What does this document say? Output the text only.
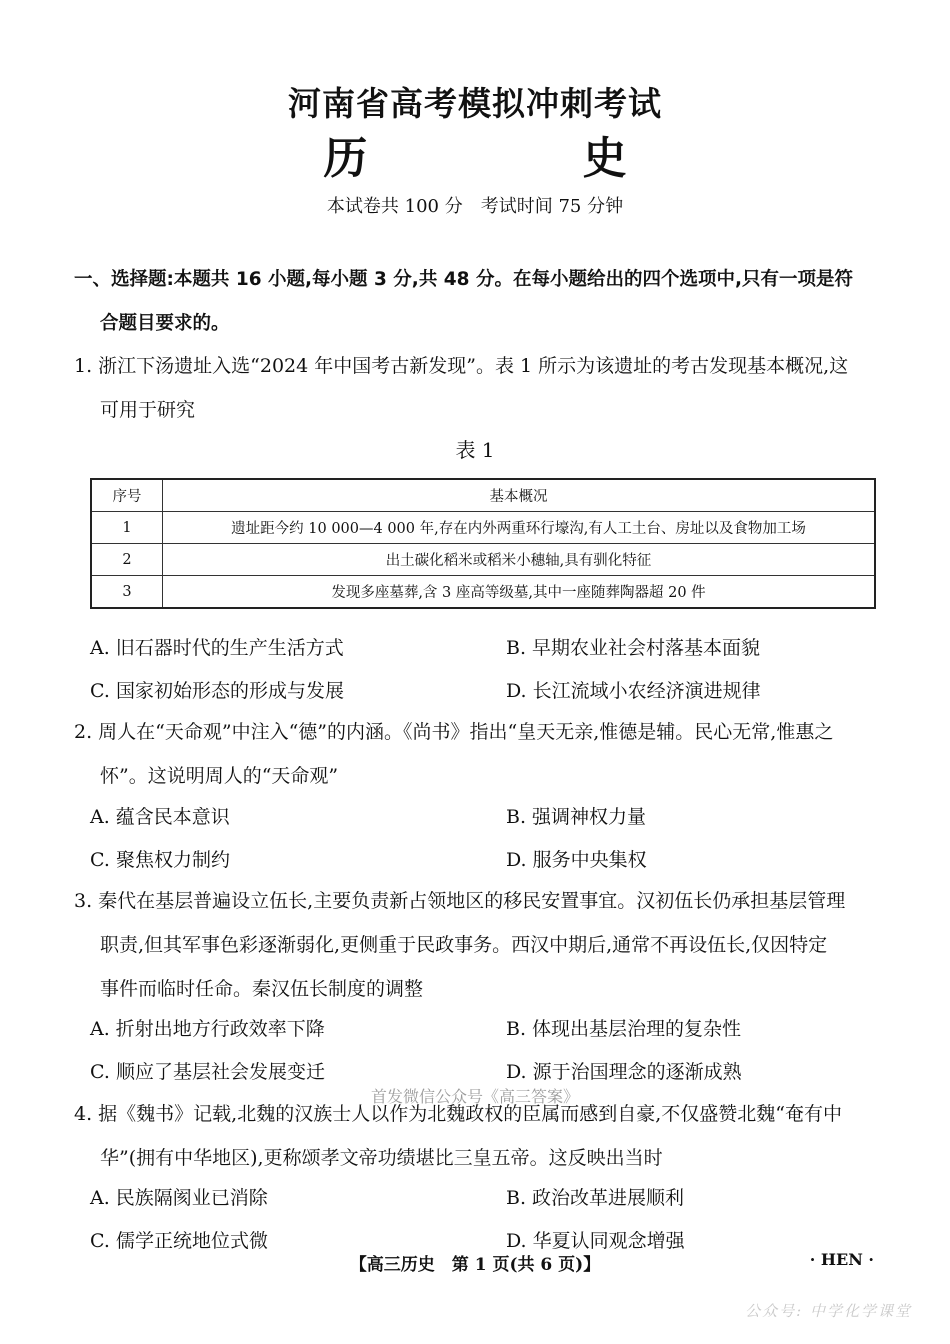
河南省高考模拟冲刺考试
历 史
本试卷共 100 分　考试时间 75 分钟
一、选择题:本题共 16 小题,每小题 3 分,共 48 分。在每小题给出的四个选项中,只有一项是符
合题目要求的。
1. 浙江下汤遗址入选“2024 年中国考古新发现”。表 1 所示为该遗址的考古发现基本概况,这
可用于研究
表 1
序号	基本概况
1	遗址距今约 10 000—4 000 年,存在内外两重环行壕沟,有人工土台、房址以及食物加工场
2	出土碳化稻米或稻米小穗轴,具有驯化特征
3	发现多座墓葬,含 3 座高等级墓,其中一座随葬陶器超 20 件
A. 旧石器时代的生产生活方式	B. 早期农业社会村落基本面貌
C. 国家初始形态的形成与发展	D. 长江流域小农经济演进规律
2. 周人在“天命观”中注入“德”的内涵。《尚书》指出“皇天无亲,惟德是辅。民心无常,惟惠之
怀”。这说明周人的“天命观”
A. 蕴含民本意识	B. 强调神权力量
C. 聚焦权力制约	D. 服务中央集权
3. 秦代在基层普遍设立伍长,主要负责新占领地区的移民安置事宜。汉初伍长仍承担基层管理
职责,但其军事色彩逐渐弱化,更侧重于民政事务。西汉中期后,通常不再设伍长,仅因特定
事件而临时任命。秦汉伍长制度的调整
A. 折射出地方行政效率下降	B. 体现出基层治理的复杂性
C. 顺应了基层社会发展变迁	D. 源于治国理念的逐渐成熟
首发微信公众号《高三答案》
4. 据《魏书》记载,北魏的汉族士人以作为北魏政权的臣属而感到自豪,不仅盛赞北魏“奄有中
华”(拥有中华地区),更称颂孝文帝功绩堪比三皇五帝。这反映出当时
A. 民族隔阂业已消除	B. 政治改革进展顺利
C. 儒学正统地位式微	D. 华夏认同观念增强
【高三历史　第 1 页(共 6 页)】	· HEN ·
公众号: 中学化学课堂
